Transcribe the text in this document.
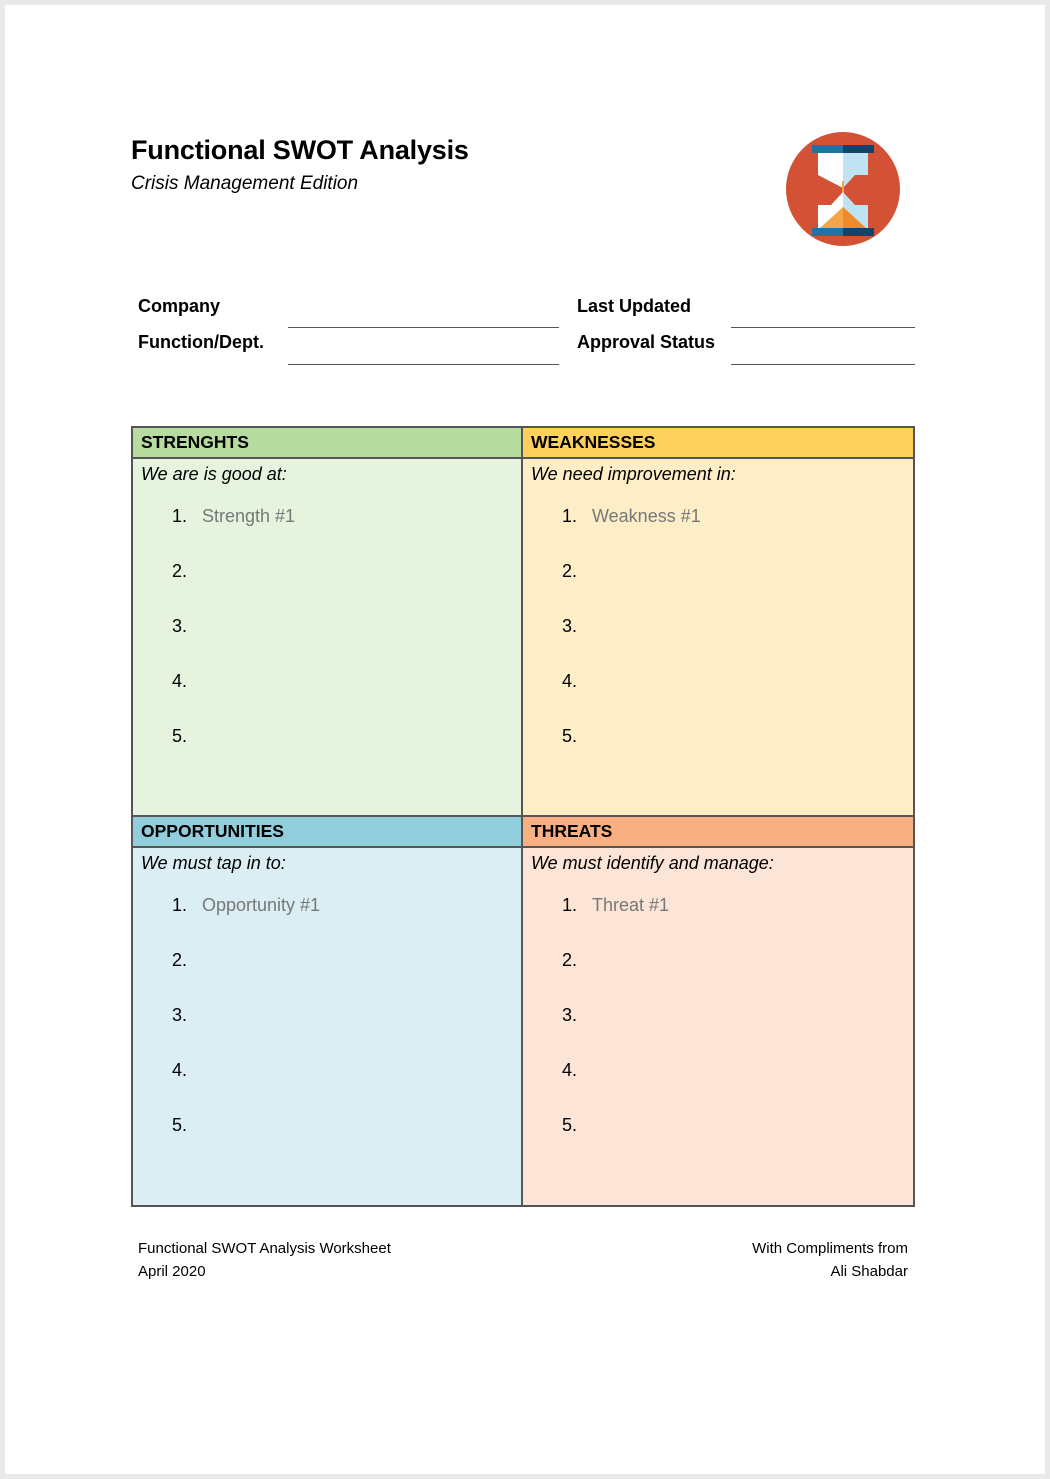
Functional SWOT Analysis

Crisis Management Edition

Company
Function/Dept.
Last Updated
Approval Status
STRENGHTS
We are is good at:
1. Strength #1
2.
3.
4.
5.
WEAKNESSES
We need improvement in:
1. Weakness #1
2.
3.
4.
5.
OPPORTUNITIES
We must tap in to:
1. Opportunity #1
2.
3.
4.
5.
THREATS
We must identify and manage:
1. Threat #1
2.
3.
4.
5.
Functional SWOT Analysis Worksheet
April 2020
With Compliments from
Ali Shabdar
